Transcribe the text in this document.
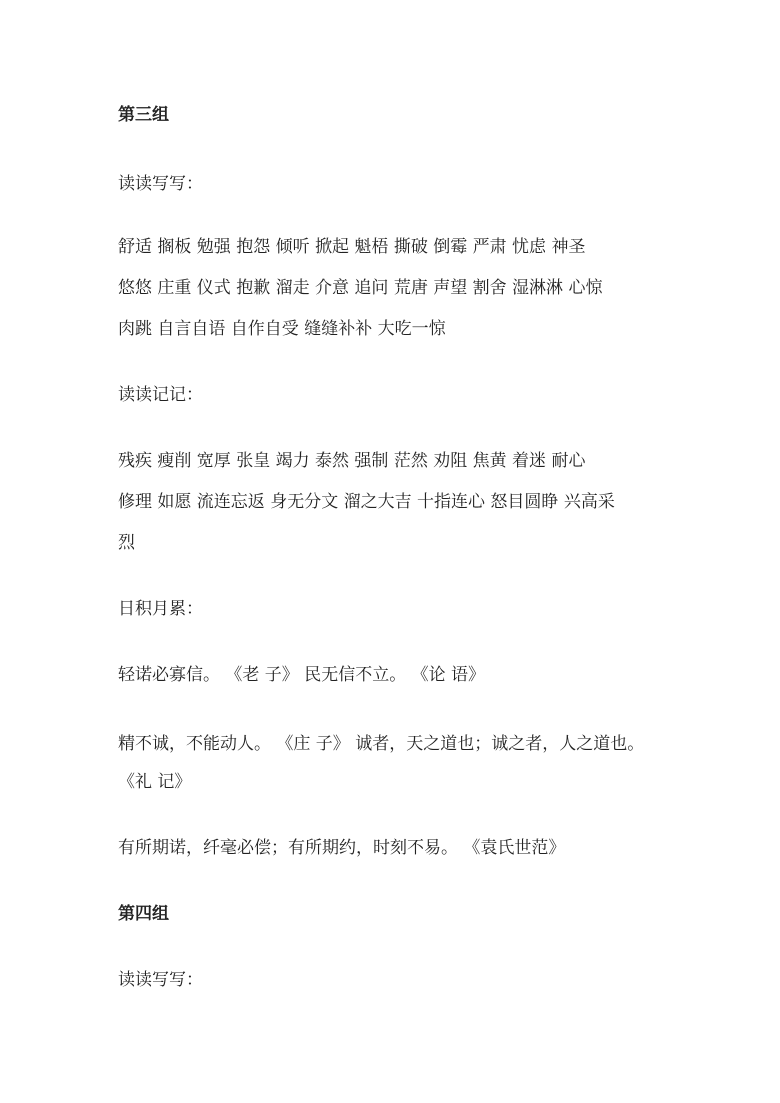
第三组
读读写写：
舒适 搁板 勉强 抱怨 倾听 掀起 魁梧 撕破 倒霉 严肃 忧虑 神圣
悠悠 庄重 仪式 抱歉 溜走 介意 追问 荒唐 声望 割舍 湿淋淋 心惊
肉跳 自言自语 自作自受 缝缝补补 大吃一惊
读读记记：
残疾 瘦削 宽厚 张皇 竭力 泰然 强制 茫然 劝阻 焦黄 着迷 耐心
修理 如愿 流连忘返 身无分文 溜之大吉 十指连心 怒目圆睁 兴高采
烈
日积月累：
轻诺必寡信。 《老 子》 民无信不立。 《论 语》
精不诚，不能动人。 《庄 子》 诚者，天之道也；诚之者，人之道也。
《礼 记》
有所期诺，纤毫必偿；有所期约，时刻不易。 《袁氏世范》
第四组
读读写写：
